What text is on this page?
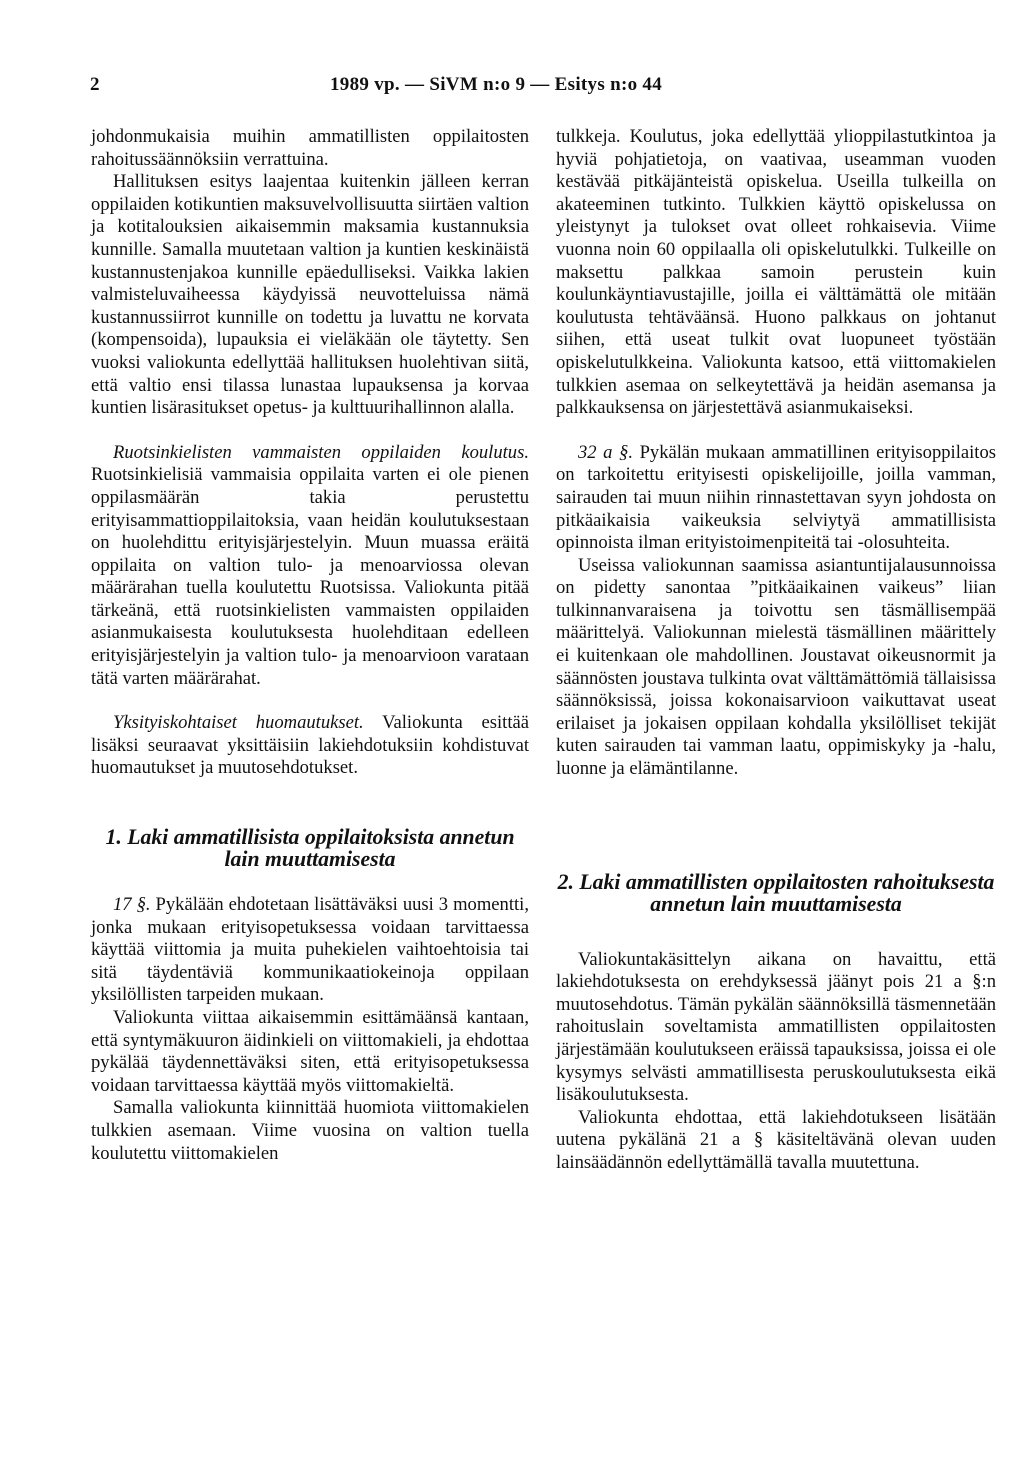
2	1989 vp. — SiVM n:o 9 — Esitys n:o 44

johdonmukaisia muihin ammatillisten oppilaitosten rahoitussäännöksiin verrattuina.

Hallituksen esitys laajentaa kuitenkin jälleen kerran oppilaiden kotikuntien maksuvelvollisuutta siirtäen valtion ja kotitalouksien aikaisemmin maksamia kustannuksia kunnille. Samalla muutetaan valtion ja kuntien keskinäistä kustannustenjakoa kunnille epäedulliseksi. Vaikka lakien valmisteluvaiheessa käydyissä neuvotteluissa nämä kustannussiirrot kunnille on todettu ja luvattu ne korvata (kompensoida), lupauksia ei vieläkään ole täytetty. Sen vuoksi valiokunta edellyttää hallituksen huolehtivan siitä, että valtio ensi tilassa lunastaa lupauksensa ja korvaa kuntien lisärasitukset opetus- ja kulttuurihallinnon alalla.

Ruotsinkielisten vammaisten oppilaiden koulutus. Ruotsinkielisiä vammaisia oppilaita varten ei ole pienen oppilasmäärän takia perustettu erityisammattioppilaitoksia, vaan heidän koulutuksestaan on huolehdittu erityisjärjestelyin. Muun muassa eräitä oppilaita on valtion tulo- ja menoarviossa olevan määrärahan tuella koulutettu Ruotsissa. Valiokunta pitää tärkeänä, että ruotsinkielisten vammaisten oppilaiden asianmukaisesta koulutuksesta huolehditaan edelleen erityisjärjestelyin ja valtion tulo- ja menoarvioon varataan tätä varten määrärahat.

Yksityiskohtaiset huomautukset. Valiokunta esittää lisäksi seuraavat yksittäisiin lakiehdotuksiin kohdistuvat huomautukset ja muutosehdotukset.

1. Laki ammatillisista oppilaitoksista annetun lain muuttamisesta

17 §. Pykälään ehdotetaan lisättäväksi uusi 3 momentti, jonka mukaan erityisopetuksessa voidaan tarvittaessa käyttää viittomia ja muita puhekielen vaihtoehtoisia tai sitä täydentäviä kommunikaatiokeinoja oppilaan yksilöllisten tarpeiden mukaan.

Valiokunta viittaa aikaisemmin esittämäänsä kantaan, että syntymäkuuron äidinkieli on viittomakieli, ja ehdottaa pykälää täydennettäväksi siten, että erityisopetuksessa voidaan tarvittaessa käyttää myös viittomakieltä.

Samalla valiokunta kiinnittää huomiota viittomakielen tulkkien asemaan. Viime vuosina on valtion tuella koulutettu viittomakielen

tulkkeja. Koulutus, joka edellyttää ylioppilastutkintoa ja hyviä pohjatietoja, on vaativaa, useamman vuoden kestävää pitkäjänteistä opiskelua. Useilla tulkeilla on akateeminen tutkinto. Tulkkien käyttö opiskelussa on yleistynyt ja tulokset ovat olleet rohkaisevia. Viime vuonna noin 60 oppilaalla oli opiskelutulkki. Tulkeille on maksettu palkkaa samoin perustein kuin koulunkäyntiavustajille, joilla ei välttämättä ole mitään koulutusta tehtäväänsä. Huono palkkaus on johtanut siihen, että useat tulkit ovat luopuneet työstään opiskelutulkkeina. Valiokunta katsoo, että viittomakielen tulkkien asemaa on selkeytettävä ja heidän asemansa ja palkkauksensa on järjestettävä asianmukaiseksi.

32 a §. Pykälän mukaan ammatillinen erityisoppilaitos on tarkoitettu erityisesti opiskelijoille, joilla vamman, sairauden tai muun niihin rinnastettavan syyn johdosta on pitkäaikaisia vaikeuksia selviytyä ammatillisista opinnoista ilman erityistoimenpiteitä tai -olosuhteita.

Useissa valiokunnan saamissa asiantuntijalausunnoissa on pidetty sanontaa ”pitkäaikainen vaikeus” liian tulkinnanvaraisena ja toivottu sen täsmällisempää määrittelyä. Valiokunnan mielestä täsmällinen määrittely ei kuitenkaan ole mahdollinen. Joustavat oikeusnormit ja säännösten joustava tulkinta ovat välttämättömiä tällaisissa säännöksissä, joissa kokonaisarvioon vaikuttavat useat erilaiset ja jokaisen oppilaan kohdalla yksilölliset tekijät kuten sairauden tai vamman laatu, oppimiskyky ja -halu, luonne ja elämäntilanne.

2. Laki ammatillisten oppilaitosten rahoituksesta annetun lain muuttamisesta

Valiokuntakäsittelyn aikana on havaittu, että lakiehdotuksesta on erehdyksessä jäänyt pois 21 a §:n muutosehdotus. Tämän pykälän säännöksillä täsmennetään rahoituslain soveltamista ammatillisten oppilaitosten järjestämään koulutukseen eräissä tapauksissa, joissa ei ole kysymys selvästi ammatillisesta peruskoulutuksesta eikä lisäkoulutuksesta.

Valiokunta ehdottaa, että lakiehdotukseen lisätään uutena pykälänä 21 a § käsiteltävänä olevan uuden lainsäädännön edellyttämällä tavalla muutettuna.
